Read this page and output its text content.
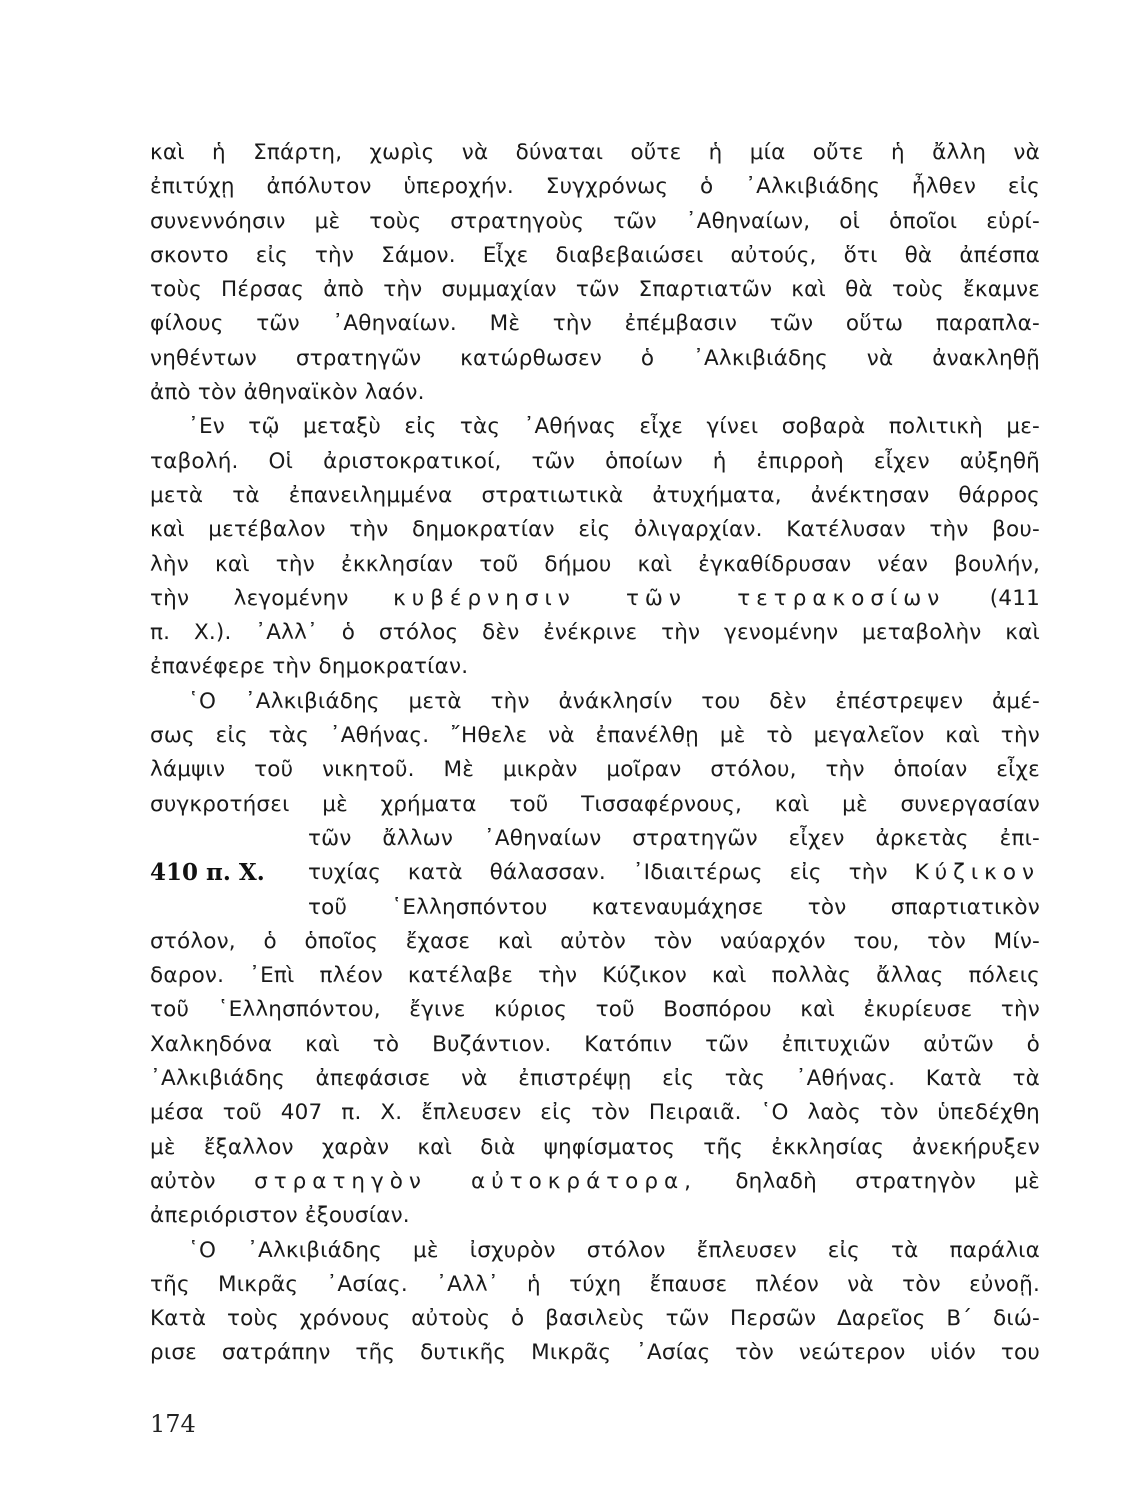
καὶ ἡ Σπάρτη, χωρὶς νὰ δύναται οὔτε ἡ μία οὔτε ἡ ἄλλη νὰ
ἐπιτύχῃ ἀπόλυτον ὑπεροχήν. Συγχρόνως ὁ ᾿Αλκιβιάδης ἦλθεν εἰς
συνεννόησιν μὲ τοὺς στρατηγοὺς τῶν ᾿Αθηναίων, οἱ ὁποῖοι εὑρί-
σκοντο εἰς τὴν Σάμον. Εἶχε διαβεβαιώσει αὐτούς, ὅτι θὰ ἀπέσπα
τοὺς Πέρσας ἀπὸ τὴν συμμαχίαν τῶν Σπαρτιατῶν καὶ θὰ τοὺς ἔκαμνε
φίλους τῶν ᾿Αθηναίων. Μὲ τὴν ἐπέμβασιν τῶν οὕτω παραπλα-
νηθέντων στρατηγῶν κατώρθωσεν ὁ ᾿Αλκιβιάδης νὰ ἀνακληθῇ
ἀπὸ τὸν ἀθηναϊκὸν λαόν.
᾿Εν τῷ μεταξὺ εἰς τὰς ᾿Αθήνας εἶχε γίνει σοβαρὰ πολιτικὴ με-
ταβολή. Οἱ ἀριστοκρατικοί, τῶν ὁποίων ἡ ἐπιρροὴ εἶχεν αὐξηθῆ
μετὰ τὰ ἐπανειλημμένα στρατιωτικὰ ἀτυχήματα, ἀνέκτησαν θάρρος
καὶ μετέβαλον τὴν δημοκρατίαν εἰς ὀλιγαρχίαν. Κατέλυσαν τὴν βου-
λὴν καὶ τὴν ἐκκλησίαν τοῦ δήμου καὶ ἐγκαθίδρυσαν νέαν βουλήν,
τὴν λεγομένην κυβέρνησιν τῶν τετρακοσίων (411
π. Χ.). ᾿Αλλ᾿ ὁ στόλος δὲν ἐνέκρινε τὴν γενομένην μεταβολὴν καὶ
ἐπανέφερε τὴν δημοκρατίαν.
῾Ο ᾿Αλκιβιάδης μετὰ τὴν ἀνάκλησίν του δὲν ἐπέστρεψεν ἀμέ-
σως εἰς τὰς ᾿Αθήνας. ῎Ηθελε νὰ ἐπανέλθῃ μὲ τὸ μεγαλεῖον καὶ τὴν
λάμψιν τοῦ νικητοῦ. Μὲ μικρὰν μοῖραν στόλου, τὴν ὁποίαν εἶχε
συγκροτήσει μὲ χρήματα τοῦ Τισσαφέρνους, καὶ μὲ συνεργασίαν
τῶν ἄλλων ᾿Αθηναίων στρατηγῶν εἶχεν ἀρκετὰς ἐπι-
τυχίας κατὰ θάλασσαν. ᾿Ιδιαιτέρως εἰς τὴν Κύζικον
τοῦ ῾Ελλησπόντου κατεναυμάχησε τὸν σπαρτιατικὸν
στόλον, ὁ ὁποῖος ἔχασε καὶ αὐτὸν τὸν ναύαρχόν του, τὸν Μίν-
δαρον. ᾿Επὶ πλέον κατέλαβε τὴν Κύζικον καὶ πολλὰς ἄλλας πόλεις
τοῦ ῾Ελλησπόντου, ἔγινε κύριος τοῦ Βοσπόρου καὶ ἐκυρίευσε τὴν
Χαλκηδόνα καὶ τὸ Βυζάντιον. Κατόπιν τῶν ἐπιτυχιῶν αὐτῶν ὁ
᾿Αλκιβιάδης ἀπεφάσισε νὰ ἐπιστρέψῃ εἰς τὰς ᾿Αθήνας. Κατὰ τὰ
μέσα τοῦ 407 π. Χ. ἔπλευσεν εἰς τὸν Πειραιᾶ. ῾Ο λαὸς τὸν ὑπεδέχθη
μὲ ἔξαλλον χαρὰν καὶ διὰ ψηφίσματος τῆς ἐκκλησίας ἀνεκήρυξεν
αὐτὸν στρατηγὸν αὐτοκράτορα, δηλαδὴ στρατηγὸν μὲ
ἀπεριόριστον ἐξουσίαν.
῾Ο ᾿Αλκιβιάδης μὲ ἰσχυρὸν στόλον ἔπλευσεν εἰς τὰ παράλια
τῆς Μικρᾶς ᾿Ασίας. ᾿Αλλ᾿ ἡ τύχη ἔπαυσε πλέον νὰ τὸν εὐνοῇ.
Κατὰ τοὺς χρόνους αὐτοὺς ὁ βασιλεὺς τῶν Περσῶν Δαρεῖος Β΄ διώ-
ρισε σατράπην τῆς δυτικῆς Μικρᾶς ᾿Ασίας τὸν νεώτερον υἱόν του
410 π. Χ.
174
